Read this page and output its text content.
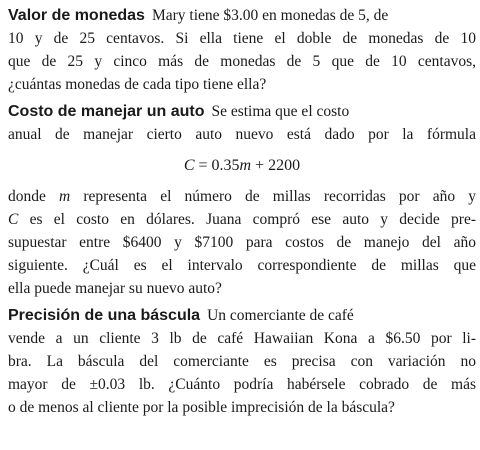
Valor de monedas Mary tiene $3.00 en monedas de 5, de
10 y de 25 centavos. Si ella tiene el doble de monedas de 10
que de 25 y cinco más de monedas de 5 que de 10 centavos,
¿cuántas monedas de cada tipo tiene ella?
Costo de manejar un auto Se estima que el costo
anual de manejar cierto auto nuevo está dado por la fórmula
C = 0.35m + 2200
donde m representa el número de millas recorridas por año y
C es el costo en dólares. Juana compró ese auto y decide pre-
supuestar entre $6400 y $7100 para costos de manejo del año
siguiente. ¿Cuál es el intervalo correspondiente de millas que
ella puede manejar su nuevo auto?
Precisión de una báscula Un comerciante de café
vende a un cliente 3 lb de café Hawaiian Kona a $6.50 por li-
bra. La báscula del comerciante es precisa con variación no
mayor de ±0.03 lb. ¿Cuánto podría habérsele cobrado de más
o de menos al cliente por la posible imprecisión de la báscula?
